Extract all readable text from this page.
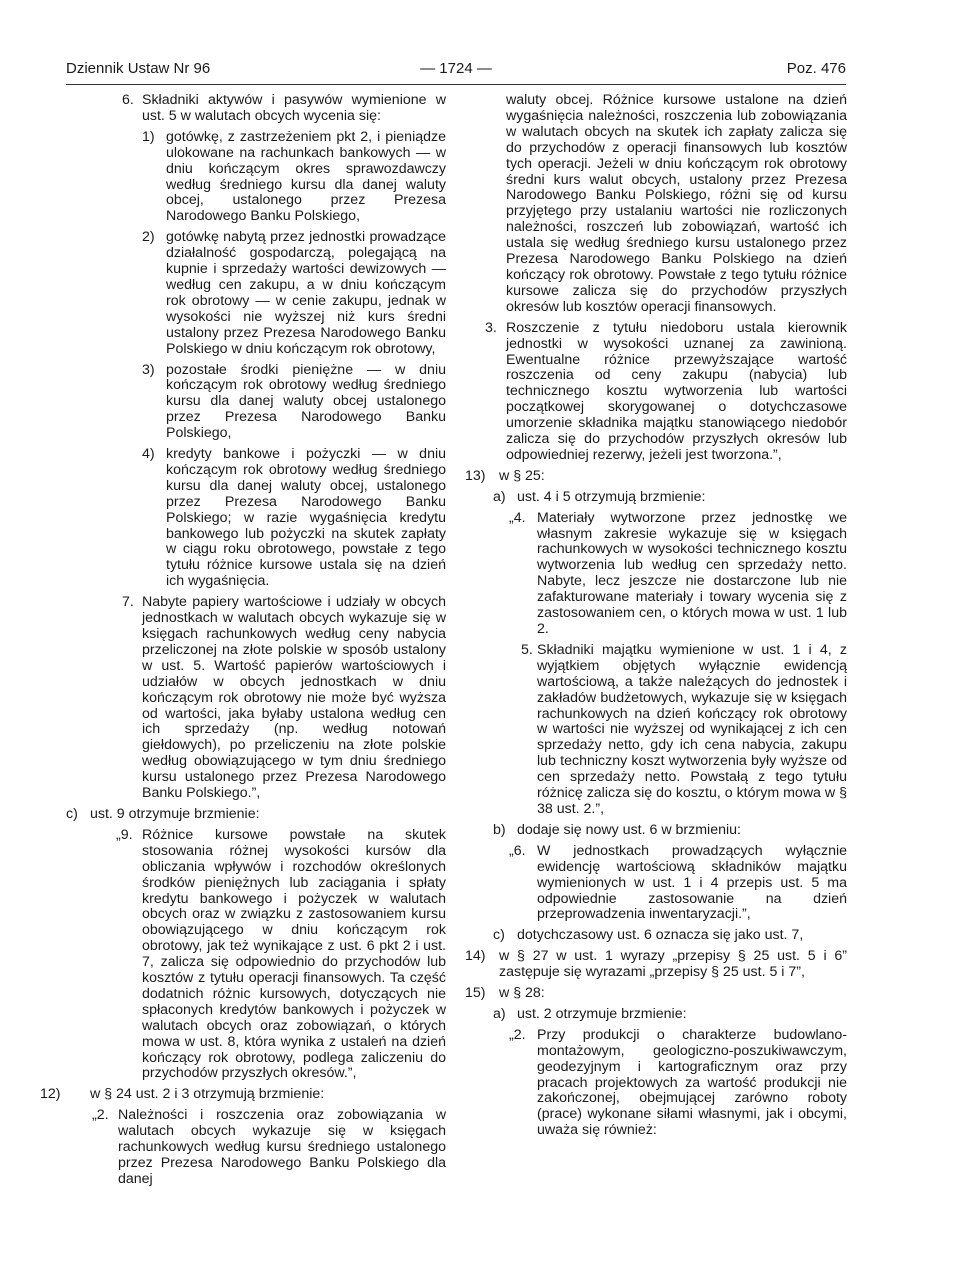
Dziennik Ustaw Nr 96	— 1724 —	Poz. 476
6. Składniki aktywów i pasywów wymienione w ust. 5 w walutach obcych wycenia się:
1) gotówkę, z zastrzeżeniem pkt 2, i pieniądze ulokowane na rachunkach bankowych — w dniu kończącym okres sprawozdawczy według średniego kursu dla danej waluty obcej, ustalonego przez Prezesa Narodowego Banku Polskiego,
2) gotówkę nabytą przez jednostki prowadzące działalność gospodarczą, polegającą na kupnie i sprzedaży wartości dewizowych — według cen zakupu, a w dniu kończącym rok obrotowy — w cenie zakupu, jednak w wysokości nie wyższej niż kurs średni ustalony przez Prezesa Narodowego Banku Polskiego w dniu kończącym rok obrotowy,
3) pozostałe środki pieniężne — w dniu kończącym rok obrotowy według średniego kursu dla danej waluty obcej ustalonego przez Prezesa Narodowego Banku Polskiego,
4) kredyty bankowe i pożyczki — w dniu kończącym rok obrotowy według średniego kursu dla danej waluty obcej, ustalonego przez Prezesa Narodowego Banku Polskiego; w razie wygaśnięcia kredytu bankowego lub pożyczki na skutek zapłaty w ciągu roku obrotowego, powstałe z tego tytułu różnice kursowe ustala się na dzień ich wygaśnięcia.
7. Nabyte papiery wartościowe i udziały w obcych jednostkach w walutach obcych wykazuje się w księgach rachunkowych według ceny nabycia przeliczonej na złote polskie w sposób ustalony w ust. 5. Wartość papierów wartościowych i udziałów w obcych jednostkach w dniu kończącym rok obrotowy nie może być wyższa od wartości, jaka byłaby ustalona według cen ich sprzedaży (np. według notowań giełdowych), po przeliczeniu na złote polskie według obowiązującego w tym dniu średniego kursu ustalonego przez Prezesa Narodowego Banku Polskiego.”,
c) ust. 9 otrzymuje brzmienie:
„9. Różnice kursowe powstałe na skutek stosowania różnej wysokości kursów dla obliczania wpływów i rozchodów określonych środków pieniężnych lub zaciągania i spłaty kredytu bankowego i pożyczek w walutach obcych oraz w związku z zastosowaniem kursu obowiązującego w dniu kończącym rok obrotowy, jak też wynikające z ust. 6 pkt 2 i ust. 7, zalicza się odpowiednio do przychodów lub kosztów z tytułu operacji finansowych. Ta część dodatnich różnic kursowych, dotyczących nie spłaconych kredytów bankowych i pożyczek w walutach obcych oraz zobowiązań, o których mowa w ust. 8, która wynika z ustaleń na dzień kończący rok obrotowy, podlega zaliczeniu do przychodów przyszłych okresów.”,
12) w § 24 ust. 2 i 3 otrzymują brzmienie:
„2. Należności i roszczenia oraz zobowiązania w walutach obcych wykazuje się w księgach rachunkowych według kursu średniego ustalonego przez Prezesa Narodowego Banku Polskiego dla danej
waluty obcej. Różnice kursowe ustalone na dzień wygaśnięcia należności, roszczenia lub zobowiązania w walutach obcych na skutek ich zapłaty zalicza się do przychodów z operacji finansowych lub kosztów tych operacji. Jeżeli w dniu kończącym rok obrotowy średni kurs walut obcych, ustalony przez Prezesa Narodowego Banku Polskiego, różni się od kursu przyjętego przy ustalaniu wartości nie rozliczonych należności, roszczeń lub zobowiązań, wartość ich ustala się według średniego kursu ustalonego przez Prezesa Narodowego Banku Polskiego na dzień kończący rok obrotowy. Powstałe z tego tytułu różnice kursowe zalicza się do przychodów przyszłych okresów lub kosztów operacji finansowych.
3. Roszczenie z tytułu niedoboru ustala kierownik jednostki w wysokości uznanej za zawinioną. Ewentualne różnice przewyższające wartość roszczenia od ceny zakupu (nabycia) lub technicznego kosztu wytworzenia lub wartości początkowej skorygowanej o dotychczasowe umorzenie składnika majątku stanowiącego niedobór zalicza się do przychodów przyszłych okresów lub odpowiedniej rezerwy, jeżeli jest tworzona.”,
13) w § 25:
a) ust. 4 i 5 otrzymują brzmienie:
„4. Materiały wytworzone przez jednostkę we własnym zakresie wykazuje się w księgach rachunkowych w wysokości technicznego kosztu wytworzenia lub według cen sprzedaży netto. Nabyte, lecz jeszcze nie dostarczone lub nie zafakturowane materiały i towary wycenia się z zastosowaniem cen, o których mowa w ust. 1 lub 2.
5. Składniki majątku wymienione w ust. 1 i 4, z wyjątkiem objętych wyłącznie ewidencją wartościową, a także należących do jednostek i zakładów budżetowych, wykazuje się w księgach rachunkowych na dzień kończący rok obrotowy w wartości nie wyższej od wynikającej z ich cen sprzedaży netto, gdy ich cena nabycia, zakupu lub techniczny koszt wytworzenia były wyższe od cen sprzedaży netto. Powstałą z tego tytułu różnicę zalicza się do kosztu, o którym mowa w § 38 ust. 2.”,
b) dodaje się nowy ust. 6 w brzmieniu:
„6. W jednostkach prowadzących wyłącznie ewidencję wartościową składników majątku wymienionych w ust. 1 i 4 przepis ust. 5 ma odpowiednie zastosowanie na dzień przeprowadzenia inwentaryzacji.”,
c) dotychczasowy ust. 6 oznacza się jako ust. 7,
14) w § 27 w ust. 1 wyrazy „przepisy § 25 ust. 5 i 6” zastępuje się wyrazami „przepisy § 25 ust. 5 i 7”,
15) w § 28:
a) ust. 2 otrzymuje brzmienie:
„2. Przy produkcji o charakterze budowlano-montażowym, geologiczno-poszukiwawczym, geodezyjnym i kartograficznym oraz przy pracach projektowych za wartość produkcji nie zakończonej, obejmującej zarówno roboty (prace) wykonane siłami własnymi, jak i obcymi, uważa się również:
